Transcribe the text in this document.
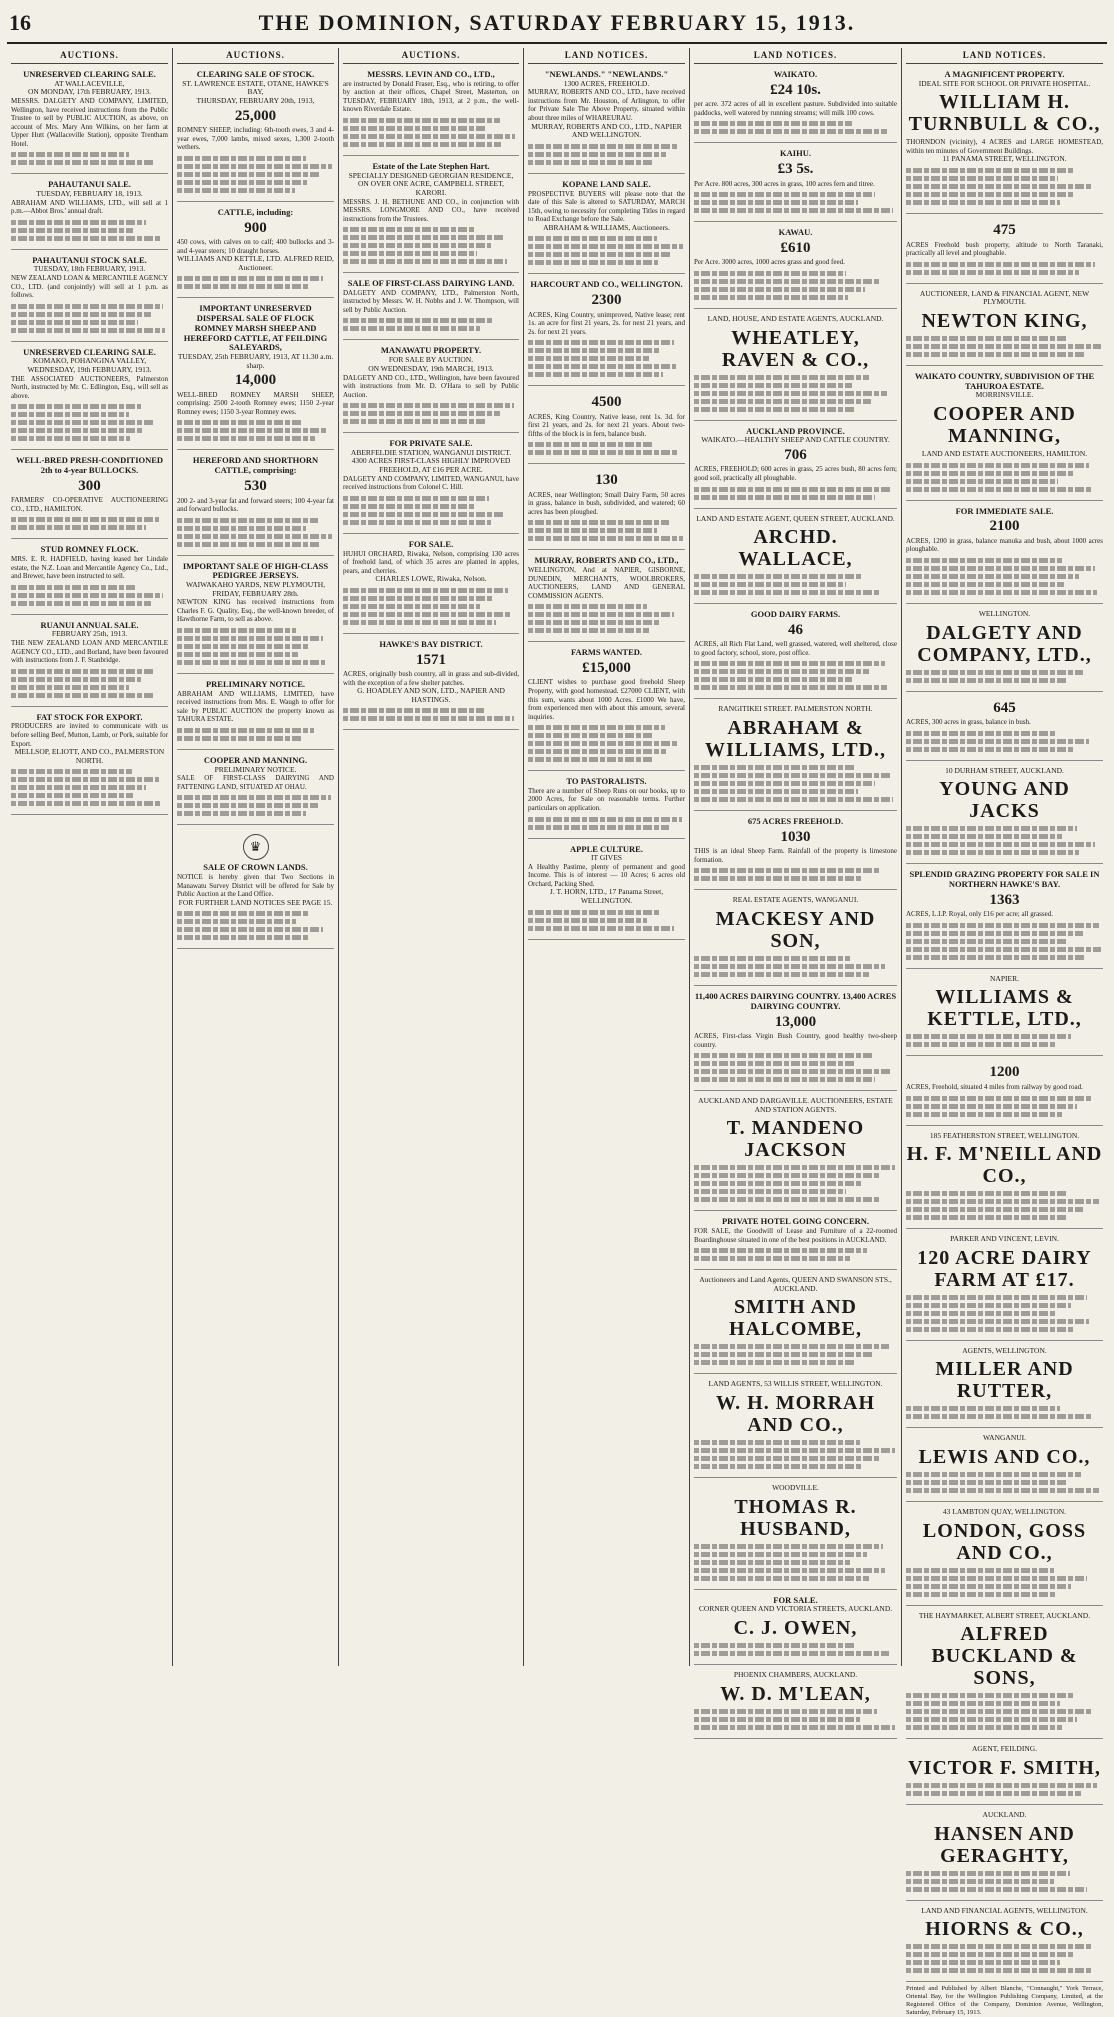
16	THE DOMINION, SATURDAY FEBRUARY 15, 1913.
AUCTIONS.
UNRESERVED CLEARING SALE.
AT WALLACEVILLE,
ON MONDAY, 17th FEBRUARY, 1913.
MESSRS. DALGETY AND COMPANY, LIMITED, Wellington, have received instructions from the Public Trustee to sell by PUBLIC AUCTION, as above, on account of Mrs. Mary Ann Wilkins, on her farm at Upper Hutt (Wallaceville Station), opposite Trentham Hotel.
PAHAUTANUI SALE.
TUESDAY, FEBRUARY 18, 1913.
ABRAHAM AND WILLIAMS, LTD., will sell at 1 p.m.—Abbot Bros.' annual draft.
PAHAUTANUI STOCK SALE.
TUESDAY, 18th FEBRUARY, 1913.
NEW ZEALAND LOAN & MERCANTILE AGENCY CO., LTD. (and conjointly) will sell at 1 p.m. as follows.
UNRESERVED CLEARING SALE.
KOMAKO, POHANGINA VALLEY,
WEDNESDAY, 19th FEBRUARY, 1913.
THE ASSOCIATED AUCTIONEERS, Palmerston North, instructed by Mr. C. Edlington, Esq., will sell as above.
WELL-BRED PRESH-CONDITIONED 2th to 4-year BULLOCKS.
300
FARMERS' CO-OPERATIVE AUCTIONEERING CO., LTD., HAMILTON.
STUD ROMNEY FLOCK.
MRS. E. R. HADFIELD, having leased her Lindale estate, the N.Z. Loan and Mercantile Agency Co., Ltd., and Brewer, have been instructed to sell.
RUANUI ANNUAL SALE.
FEBRUARY 25th, 1913.
THE NEW ZEALAND LOAN AND MERCANTILE AGENCY CO., LTD., and Borland, have been favoured with instructions from J. F. Stanbridge.
FAT STOCK FOR EXPORT.
PRODUCERS are invited to communicate with us before selling Beef, Mutton, Lamb, or Pork, suitable for Export.
MELLSOP, ELIOTT, AND CO., PALMERSTON NORTH.
AUCTIONS.
CLEARING SALE OF STOCK.
ST. LAWRENCE ESTATE, OTANE, HAWKE'S BAY,
THURSDAY, FEBRUARY 20th, 1913,
25,000
ROMNEY SHEEP, including: 6th-tooth ewes, 3 and 4-year ewes, 7,000 lambs, mixed sexes, 1,300 2-tooth wethers.
CATTLE, including:
900
450 cows, with calves on to calf; 400 bullocks and 3- and 4-year steers; 10 draught horses.
WILLIAMS AND KETTLE, LTD. ALFRED REID, Auctioneer.
IMPORTANT UNRESERVED DISPERSAL SALE OF FLOCK ROMNEY MARSH SHEEP AND HEREFORD CATTLE, AT FEILDING SALEYARDS,
TUESDAY, 25th FEBRUARY, 1913, AT 11.30 a.m. sharp.
14,000
WELL-BRED ROMNEY MARSH SHEEP, comprising: 2500 2-tooth Romney ewes; 1150 2-year Romney ewes; 1150 3-year Romney ewes.
HEREFORD AND SHORTHORN CATTLE, comprising:
530
200 2- and 3-year fat and forward steers; 100 4-year fat and forward bullocks.
IMPORTANT SALE OF HIGH-CLASS PEDIGREE JERSEYS.
WAIWAKAHO YARDS, NEW PLYMOUTH,
FRIDAY, FEBRUARY 28th.
NEWTON KING has received instructions from Charles F. G. Quality, Esq., the well-known breeder, of Hawthorne Farm, to sell as above.
PRELIMINARY NOTICE.
ABRAHAM AND WILLIAMS, LIMITED, have received instructions from Mrs. E. Waugh to offer for sale by PUBLIC AUCTION the property known as TAHURA ESTATE.
COOPER AND MANNING.
PRELIMINARY NOTICE.
SALE OF FIRST-CLASS DAIRYING AND FATTENING LAND, SITUATED AT OHAU.
♛
SALE OF CROWN LANDS.
NOTICE is hereby given that Two Sections in Manawatu Survey District will be offered for Sale by Public Auction at the Land Office.
FOR FURTHER LAND NOTICES SEE PAGE 15.
AUCTIONS.
MESSRS. LEVIN AND CO., LTD.,
are instructed by Donald Fraser, Esq., who is retiring, to offer by auction at their offices, Chapel Street, Masterton, on TUESDAY, FEBRUARY 18th, 1913, at 2 p.m., the well-known Riverdale Estate.
Estate of the Late Stephen Hart.
SPECIALLY DESIGNED GEORGIAN RESIDENCE, ON OVER ONE ACRE, CAMPBELL STREET, KARORI.
MESSRS. J. H. BETHUNE AND CO., in conjunction with MESSRS. LONGMORE AND CO., have received instructions from the Trustees.
SALE OF FIRST-CLASS DAIRYING LAND.
DALGETY AND COMPANY, LTD., Palmerston North, instructed by Messrs. W. H. Nobbs and J. W. Thompson, will sell by Public Auction.
MANAWATU PROPERTY.
FOR SALE BY AUCTION.
ON WEDNESDAY, 19th MARCH, 1913.
DALGETY AND CO., LTD., Wellington, have been favoured with instructions from Mr. D. O'Hara to sell by Public Auction.
FOR PRIVATE SALE.
ABERFELDIE STATION, WANGANUI DISTRICT.
4300 ACRES FIRST-CLASS HIGHLY IMPROVED FREEHOLD, AT £16 PER ACRE.
DALGETY AND COMPANY, LIMITED, WANGANUI, have received instructions from Colonel C. Hill.
FOR SALE.
HUHUI ORCHARD, Riwaka, Nelson, comprising 130 acres of freehold land, of which 35 acres are planted in apples, pears, and cherries.
CHARLES LOWE, Riwaka, Nelson.
HAWKE'S BAY DISTRICT.
1571
ACRES, originally bush country, all in grass and sub-divided, with the exception of a few shelter patches.
G. HOADLEY AND SON, LTD., NAPIER AND HASTINGS.
LAND NOTICES.
"NEWLANDS." "NEWLANDS."
1300 ACRES, FREEHOLD.
MURRAY, ROBERTS AND CO., LTD., have received instructions from Mr. Houston, of Arlington, to offer for Private Sale The Above Property, situated within about three miles of WHAREURAU.
MURRAY, ROBERTS AND CO., LTD., NAPIER AND WELLINGTON.
KOPANE LAND SALE.
PROSPECTIVE BUYERS will please note that the date of this Sale is altered to SATURDAY, MARCH 15th, owing to necessity for completing Titles in regard to Road Exchange before the Sale.
ABRAHAM & WILLIAMS, Auctioneers.
HARCOURT AND CO., WELLINGTON.
2300
ACRES, King Country, unimproved, Native lease; rent 1s. an acre for first 21 years, 2s. for next 21 years, and 2s. for next 21 years.
4500
ACRES, King Country, Native lease, rent 1s. 3d. for first 21 years, and 2s. for next 21 years. About two-fifths of the block is in fern, balance bush.
130
ACRES, near Wellington; Small Dairy Farm, 50 acres in grass, balance in bush, subdivided, and watered; 60 acres has been ploughed.
MURRAY, ROBERTS AND CO., LTD.,
WELLINGTON, And at NAPIER, GISBORNE, DUNEDIN, MERCHANTS, WOOLBROKERS, AUCTIONEERS, LAND AND GENERAL COMMISSION AGENTS.
FARMS WANTED.
£15,000
CLIENT wishes to purchase good freehold Sheep Property, with good homestead. £27000 CLIENT, with this sum, wants about 1000 Acres. £1000 We have, from experienced men with about this amount, several inquiries.
TO PASTORALISTS.
There are a number of Sheep Runs on our books, up to 2000 Acres, for Sale on reasonable terms. Further particulars on application.
APPLE CULTURE.
IT GIVES
A Healthy Pastime, plenty of permanent and good Income. This is of interest — 10 Acres; 6 acres old Orchard, Packing Shed.
J. T. HORN, LTD., 17 Panama Street, WELLINGTON.
LAND NOTICES.
WAIKATO.
£24 10s.
per acre. 372 acres of all in excellent pasture. Subdivided into suitable paddocks, well watered by running streams; will milk 100 cows.
KAIHU.
£3 5s.
Per Acre. 800 acres, 300 acres in grass, 100 acres fern and titree.
KAWAU.
£610
Per Acre. 3000 acres, 1000 acres grass and good feed.
LAND, HOUSE, AND ESTATE AGENTS, AUCKLAND.
WHEATLEY, RAVEN & CO.,
AUCKLAND PROVINCE.
WAIKATO.—HEALTHY SHEEP AND CATTLE COUNTRY.
706
ACRES, FREEHOLD; 600 acres in grass, 25 acres bush, 80 acres fern; good soil, practically all ploughable.
LAND AND ESTATE AGENT, QUEEN STREET, AUCKLAND.
ARCHD. WALLACE,
GOOD DAIRY FARMS.
46
ACRES, all Rich Flat Land, well grassed, watered, well sheltered, close to good factory, school, store, post office.
RANGITIKEI STREET. PALMERSTON NORTH.
ABRAHAM & WILLIAMS, LTD.,
675 ACRES FREEHOLD.
1030
THIS is an ideal Sheep Farm. Rainfall of the property is limestone formation.
REAL ESTATE AGENTS, WANGANUI.
MACKESY AND SON,
11,400 ACRES DAIRYING COUNTRY. 13,400 ACRES DAIRYING COUNTRY.
13,000
ACRES, First-class Virgin Bush Country, good healthy two-sheep country.
AUCKLAND AND DARGAVILLE. AUCTIONEERS, ESTATE AND STATION AGENTS.
T. MANDENO JACKSON
PRIVATE HOTEL GOING CONCERN.
FOR SALE, the Goodwill of Lease and Furniture of a 22-roomed Boardinghouse situated in one of the best positions in AUCKLAND.
Auctioneers and Land Agents, QUEEN AND SWANSON STS., AUCKLAND.
SMITH AND HALCOMBE,
LAND AGENTS, 53 WILLIS STREET, WELLINGTON.
W. H. MORRAH AND CO.,
WOODVILLE.
THOMAS R. HUSBAND,
FOR SALE.
CORNER QUEEN AND VICTORIA STREETS, AUCKLAND.
C. J. OWEN,
PHOENIX CHAMBERS, AUCKLAND.
W. D. M'LEAN,
LAND NOTICES.
A MAGNIFICENT PROPERTY.
IDEAL SITE FOR SCHOOL OR PRIVATE HOSPITAL.
WILLIAM H. TURNBULL & CO.,
THORNDON (vicinity), 4 ACRES and LARGE HOMESTEAD, within ten minutes of Government Buildings.
11 PANAMA STREET, WELLINGTON.
475
ACRES Freehold bush property, altitude to North Taranaki, practically all level and ploughable.
AUCTIONEER, LAND & FINANCIAL AGENT, NEW PLYMOUTH.
NEWTON KING,
WAIKATO COUNTRY, SUBDIVISION OF THE TAHUROA ESTATE.
MORRINSVILLE.
COOPER AND MANNING,
LAND AND ESTATE AUCTIONEERS, HAMILTON.
FOR IMMEDIATE SALE.
2100
ACRES, 1200 in grass, balance manuka and bush, about 1000 acres ploughable.
WELLINGTON.
DALGETY AND COMPANY, LTD.,
645
ACRES, 300 acres in grass, balance in bush.
10 DURHAM STREET, AUCKLAND.
YOUNG AND JACKS
SPLENDID GRAZING PROPERTY FOR SALE IN NORTHERN HAWKE'S BAY.
1363
ACRES, L.I.P. Royal, only £16 per acre; all grassed.
NAPIER.
WILLIAMS & KETTLE, LTD.,
1200
ACRES, Freehold, situated 4 miles from railway by good road.
185 FEATHERSTON STREET, WELLINGTON.
H. F. M'NEILL AND CO.,
PARKER AND VINCENT, LEVIN.
120 ACRE DAIRY FARM AT £17.
AGENTS, WELLINGTON.
MILLER AND RUTTER,
WANGANUI.
LEWIS AND CO.,
43 LAMBTON QUAY, WELLINGTON.
LONDON, GOSS AND CO.,
THE HAYMARKET, ALBERT STREET, AUCKLAND.
ALFRED BUCKLAND & SONS,
AGENT, FEILDING.
VICTOR F. SMITH,
AUCKLAND.
HANSEN AND GERAGHTY,
LAND AND FINANCIAL AGENTS, WELLINGTON.
HIORNS & CO.,
Printed and Published by Albert Blanche, "Connaught," York Terrace, Oriental Bay, for the Wellington Publishing Company, Limited, at the Registered Office of the Company, Dominion Avenue, Wellington, Saturday, February 15, 1913.
